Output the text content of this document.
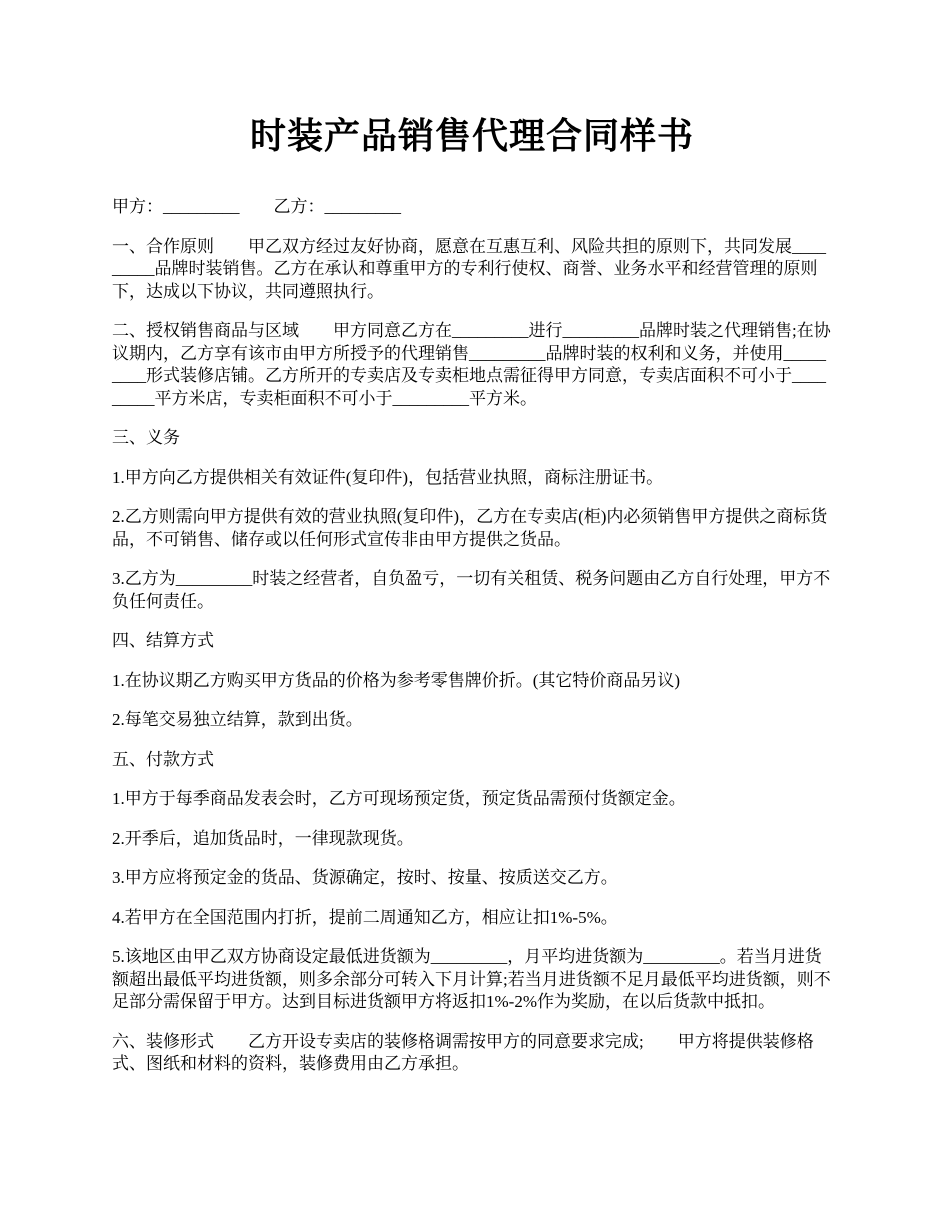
时装产品销售代理合同样书

甲方：_________        乙方：_________

一、合作原则        甲乙双方经过友好协商，愿意在互惠互利、风险共担的原则下，共同发展_________品牌时装销售。乙方在承认和尊重甲方的专利行使权、商誉、业务水平和经营管理的原则下，达成以下协议，共同遵照执行。

二、授权销售商品与区域        甲方同意乙方在_________进行_________品牌时装之代理销售;在协议期内，乙方享有该市由甲方所授予的代理销售_________品牌时装的权利和义务，并使用_________形式装修店铺。乙方所开的专卖店及专卖柜地点需征得甲方同意，专卖店面积不可小于_________平方米店，专卖柜面积不可小于_________平方米。

三、义务

1.甲方向乙方提供相关有效证件(复印件)，包括营业执照，商标注册证书。

2.乙方则需向甲方提供有效的营业执照(复印件)，乙方在专卖店(柜)内必须销售甲方提供之商标货品，不可销售、储存或以任何形式宣传非由甲方提供之货品。

3.乙方为_________时装之经营者，自负盈亏，一切有关租赁、税务问题由乙方自行处理，甲方不负任何责任。

四、结算方式

1.在协议期乙方购买甲方货品的价格为参考零售牌价折。(其它特价商品另议)

2.每笔交易独立结算，款到出货。

五、付款方式

1.甲方于每季商品发表会时，乙方可现场预定货，预定货品需预付货额定金。

2.开季后，追加货品时，一律现款现货。

3.甲方应将预定金的货品、货源确定，按时、按量、按质送交乙方。

4.若甲方在全国范围内打折，提前二周通知乙方，相应让扣1%-5%。

5.该地区由甲乙双方协商设定最低进货额为_________，月平均进货额为_________。若当月进货额超出最低平均进货额，则多余部分可转入下月计算;若当月进货额不足月最低平均进货额，则不足部分需保留于甲方。达到目标进货额甲方将返扣1%-2%作为奖励，在以后货款中抵扣。

六、装修形式        乙方开设专卖店的装修格调需按甲方的同意要求完成;        甲方将提供装修格式、图纸和材料的资料，装修费用由乙方承担。
